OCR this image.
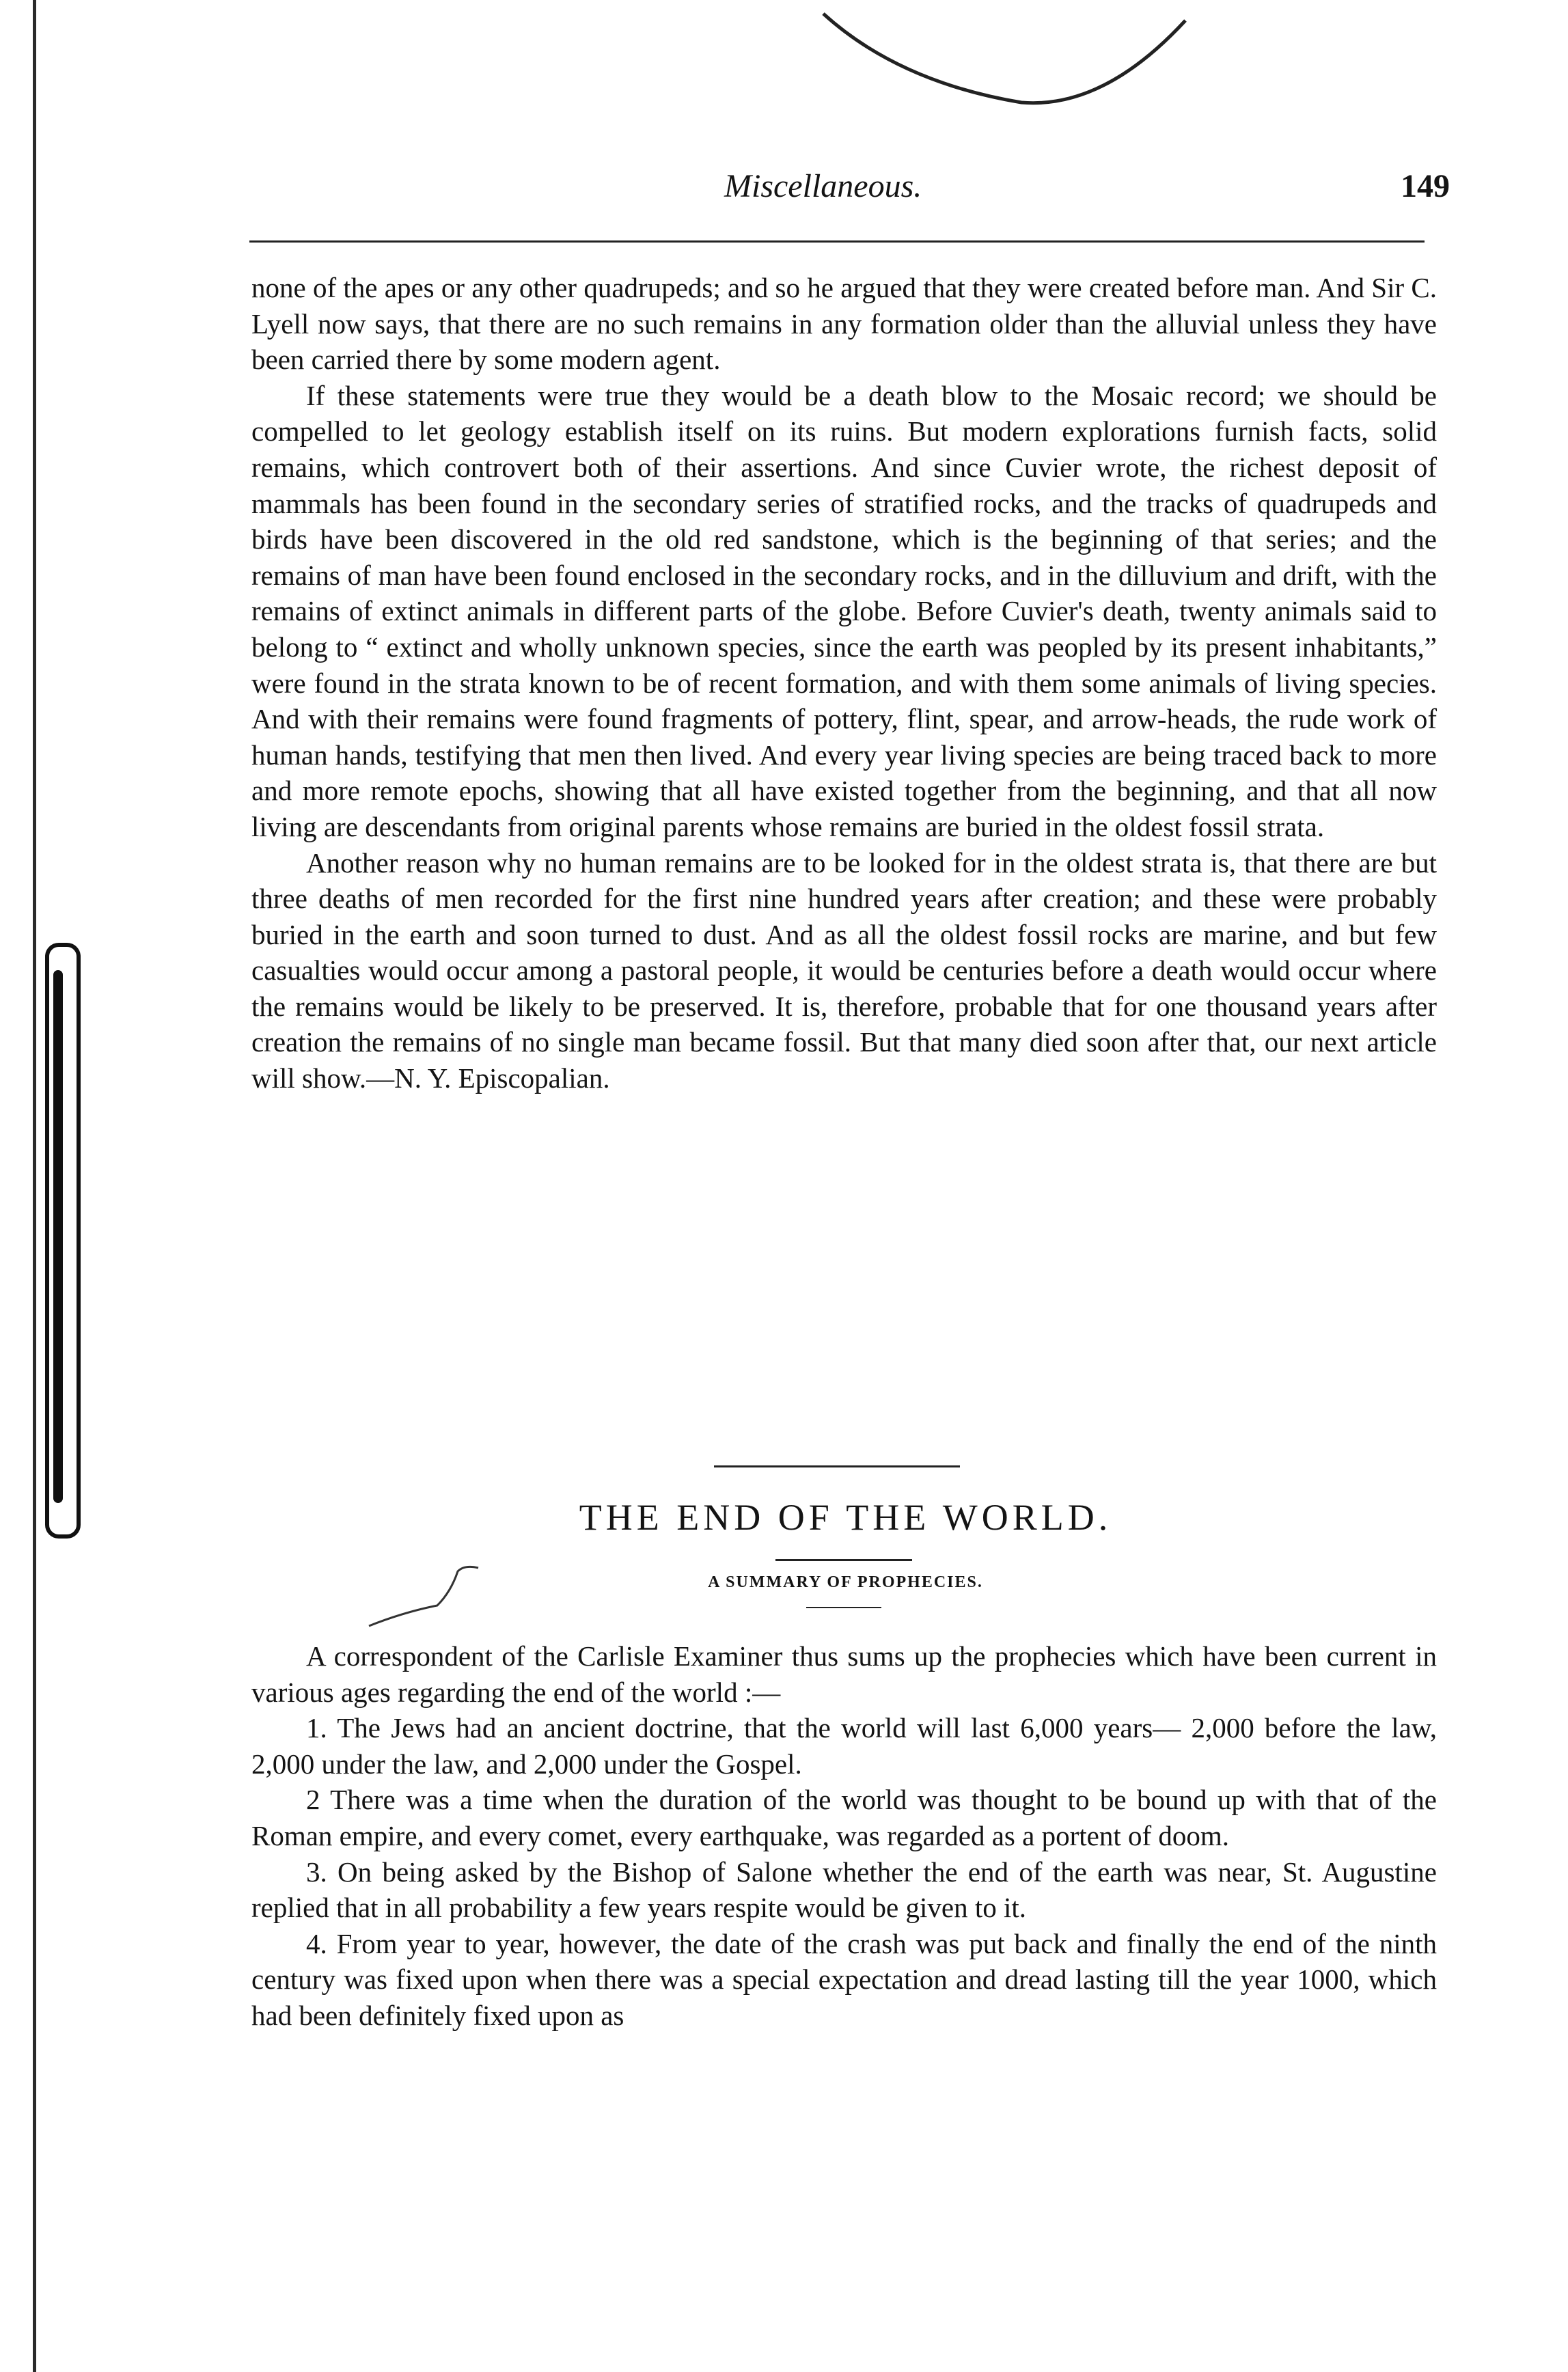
Miscellaneous.	149

none of the apes or any other quadrupeds; and so he argued that they were created before man. And Sir C. Lyell now says, that there are no such remains in any formation older than the alluvial unless they have been carried there by some modern agent.

If these statements were true they would be a death blow to the Mosaic record; we should be compelled to let geology establish itself on its ruins. But modern explorations furnish facts, solid remains, which controvert both of their assertions. And since Cuvier wrote, the richest deposit of mammals has been found in the secondary series of stratified rocks, and the tracks of quadrupeds and birds have been discovered in the old red sandstone, which is the beginning of that series; and the remains of man have been found enclosed in the secondary rocks, and in the dilluvium and drift, with the remains of extinct animals in different parts of the globe. Before Cuvier's death, twenty animals said to belong to “ extinct and wholly unknown species, since the earth was peopled by its present inhabitants,” were found in the strata known to be of recent formation, and with them some animals of living species. And with their remains were found fragments of pottery, flint, spear, and arrow-heads, the rude work of human hands, testifying that men then lived. And every year living species are being traced back to more and more remote epochs, showing that all have existed together from the beginning, and that all now living are descendants from original parents whose remains are buried in the oldest fossil strata.

Another reason why no human remains are to be looked for in the oldest strata is, that there are but three deaths of men recorded for the first nine hundred years after creation; and these were probably buried in the earth and soon turned to dust. And as all the oldest fossil rocks are marine, and but few casualties would occur among a pastoral people, it would be centuries before a death would occur where the remains would be likely to be preserved. It is, therefore, probable that for one thousand years after creation the remains of no single man became fossil. But that many died soon after that, our next article will show.—N. Y. Episcopalian.

THE END OF THE WORLD.
A SUMMARY OF PROPHECIES.

A correspondent of the Carlisle Examiner thus sums up the prophecies which have been current in various ages regarding the end of the world :—

1. The Jews had an ancient doctrine, that the world will last 6,000 years— 2,000 before the law, 2,000 under the law, and 2,000 under the Gospel.

2 There was a time when the duration of the world was thought to be bound up with that of the Roman empire, and every comet, every earthquake, was regarded as a portent of doom.

3. On being asked by the Bishop of Salone whether the end of the earth was near, St. Augustine replied that in all probability a few years respite would be given to it.

4. From year to year, however, the date of the crash was put back and finally the end of the ninth century was fixed upon when there was a special expectation and dread lasting till the year 1000, which had been definitely fixed upon as
